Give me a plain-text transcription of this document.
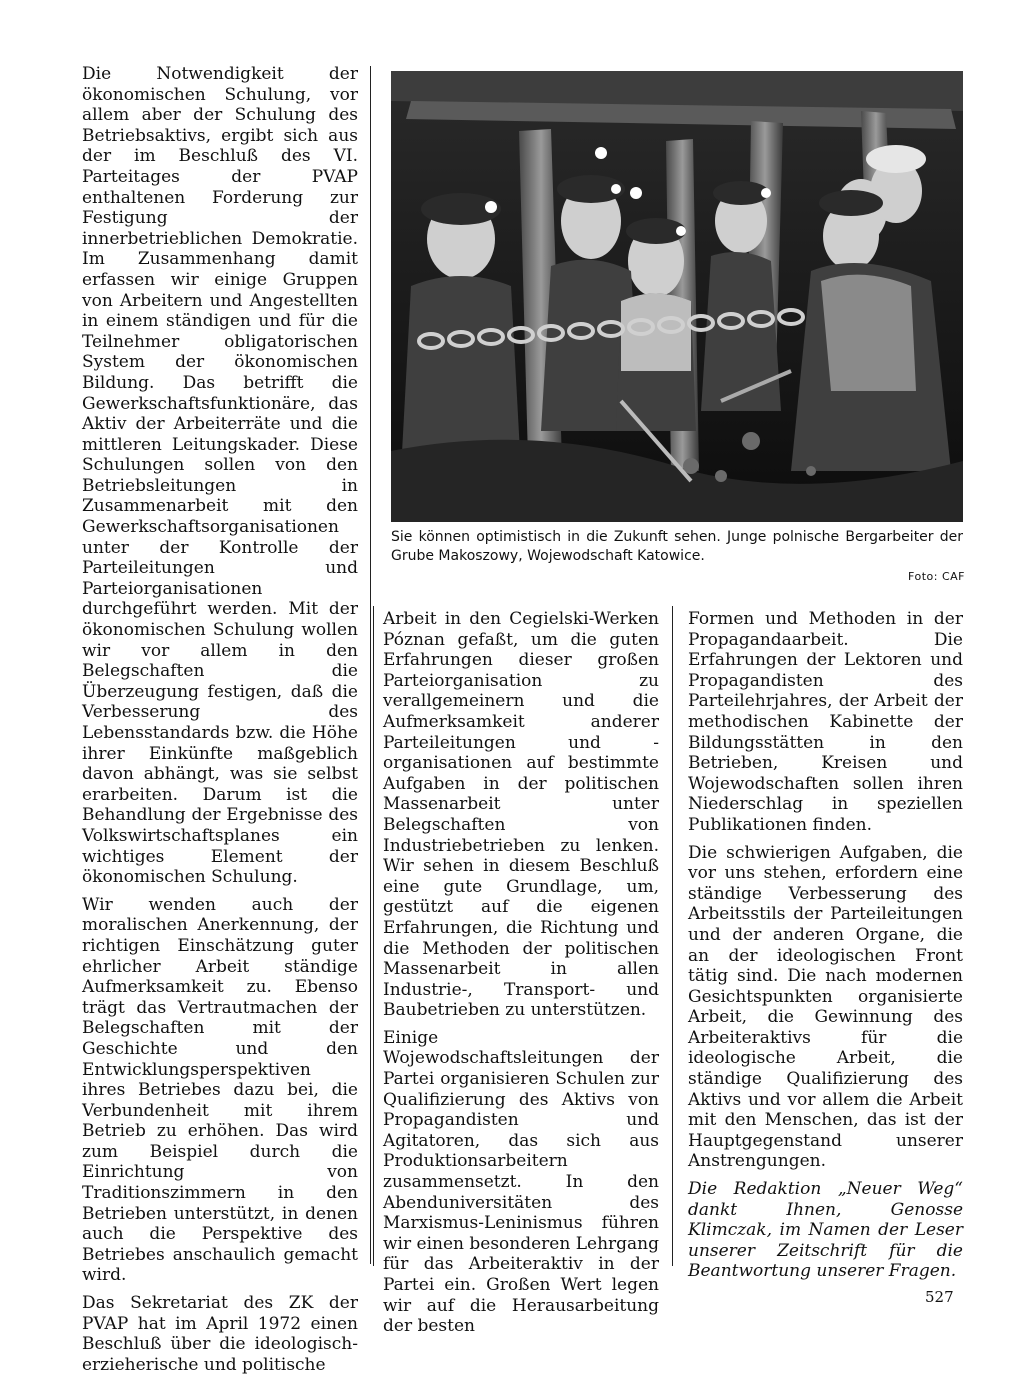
Die Notwendigkeit der ökonomischen Schulung, vor allem aber der Schulung des Betriebsaktivs, ergibt sich aus der im Beschluß des VI. Parteitages der PVAP enthaltenen Forderung zur Festigung der innerbetrieblichen Demokratie. Im Zusammenhang damit erfassen wir einige Gruppen von Arbeitern und Angestellten in einem ständigen und für die Teilnehmer obligatorischen System der ökonomischen Bildung. Das betrifft die Gewerkschaftsfunktionäre, das Aktiv der Arbeiterräte und die mittleren Leitungskader. Diese Schulungen sollen von den Betriebsleitungen in Zusammenarbeit mit den Gewerkschaftsorganisationen unter der Kontrolle der Parteileitungen und Parteiorganisationen durchgeführt werden. Mit der ökonomischen Schulung wollen wir vor allem in den Belegschaften die Überzeugung festigen, daß die Verbesserung des Lebensstandards bzw. die Höhe ihrer Einkünfte maßgeblich davon abhängt, was sie selbst erarbeiten. Darum ist die Behandlung der Ergebnisse des Volkswirtschaftsplanes ein wichtiges Element der ökonomischen Schulung.

Wir wenden auch der moralischen Anerkennung, der richtigen Einschätzung guter ehrlicher Arbeit ständige Aufmerksamkeit zu. Ebenso trägt das Vertrautmachen der Belegschaften mit der Geschichte und den Entwicklungsperspektiven ihres Betriebes dazu bei, die Verbundenheit mit ihrem Betrieb zu erhöhen. Das wird zum Beispiel durch die Einrichtung von Traditionszimmern in den Betrieben unterstützt, in denen auch die Perspektive des Betriebes anschaulich gemacht wird.

Das Sekretariat des ZK der PVAP hat im April 1972 einen Beschluß über die ideologisch-erzieherische und politische

Sie können optimistisch in die Zukunft sehen. Junge polnische Bergarbeiter der Grube Makoszowy, Wojewodschaft Katowice.
Foto: CAF

Arbeit in den Cegielski-Werken Póznan gefaßt, um die guten Erfahrungen dieser großen Parteiorganisation zu verallgemeinern und die Aufmerksamkeit anderer Parteileitungen und -organisationen auf bestimmte Aufgaben in der politischen Massenarbeit unter Belegschaften von Industriebetrieben zu lenken. Wir sehen in diesem Beschluß eine gute Grundlage, um, gestützt auf die eigenen Erfahrungen, die Richtung und die Methoden der politischen Massenarbeit in allen Industrie-, Transport- und Baubetrieben zu unterstützen.

Einige Wojewodschaftsleitungen der Partei organisieren Schulen zur Qualifizierung des Aktivs von Propagandisten und Agitatoren, das sich aus Produktionsarbeitern zusammensetzt. In den Abenduniversitäten des Marxismus-Leninismus führen wir einen besonderen Lehrgang für das Arbeiteraktiv in der Partei ein. Großen Wert legen wir auf die Herausarbeitung der besten

Formen und Methoden in der Propagandaarbeit. Die Erfahrungen der Lektoren und Propagandisten des Parteilehrjahres, der Arbeit der methodischen Kabinette der Bildungsstätten in den Betrieben, Kreisen und Wojewodschaften sollen ihren Niederschlag in speziellen Publikationen finden.

Die schwierigen Aufgaben, die vor uns stehen, erfordern eine ständige Verbesserung des Arbeitsstils der Parteileitungen und der anderen Organe, die an der ideologischen Front tätig sind. Die nach modernen Gesichtspunkten organisierte Arbeit, die Gewinnung des Arbeiteraktivs für die ideologische Arbeit, die ständige Qualifizierung des Aktivs und vor allem die Arbeit mit den Menschen, das ist der Hauptgegenstand unserer Anstrengungen.

Die Redaktion „Neuer Weg“ dankt Ihnen, Genosse Klimczak, im Namen der Leser unserer Zeitschrift für die Beantwortung unserer Fragen.

527
